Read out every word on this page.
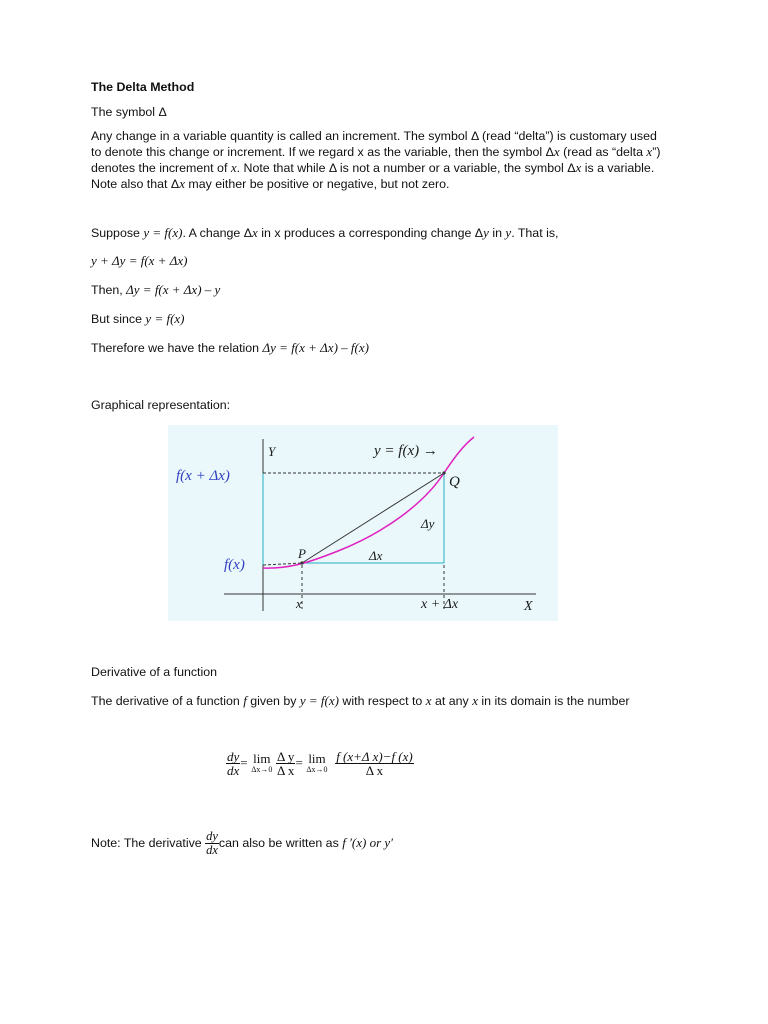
The Delta Method
The symbol Δ
Any change in a variable quantity is called an increment. The symbol Δ (read “delta”) is customary used
to denote this change or increment. If we regard x as the variable, then the symbol Δx (read as “delta x”)
denotes the increment of x. Note that while Δ is not a number or a variable, the symbol Δx is a variable.
Note also that Δx may either be positive or negative, but not zero.
Suppose y = f(x). A change Δx in x produces a corresponding change Δy in y. That is,
y + Δy = f(x + Δx)
Then, Δy = f(x + Δx) – y
But since y = f(x)
Therefore we have the relation Δy = f(x + Δx) – f(x)
Graphical representation:
Y
X
y = f(x) →
f(x + Δx)
f(x)
P
Q
Δx
Δy
x	x + Δx
Derivative of a function
The derivative of a function f given by y = f(x) with respect to x at any x in its domain is the number
$\frac{dy}{dx} = \lim$
Δx→0
$\frac{\text{Δ y}}{\text{Δ x}} = \lim$
Δx→0
$\frac{\text{f (x+Δ x)−f (x)}}{\text{Δ x}}$
Note: The derivative $\frac{dy}{dx}$ can also be written as f ′(x) or y′
